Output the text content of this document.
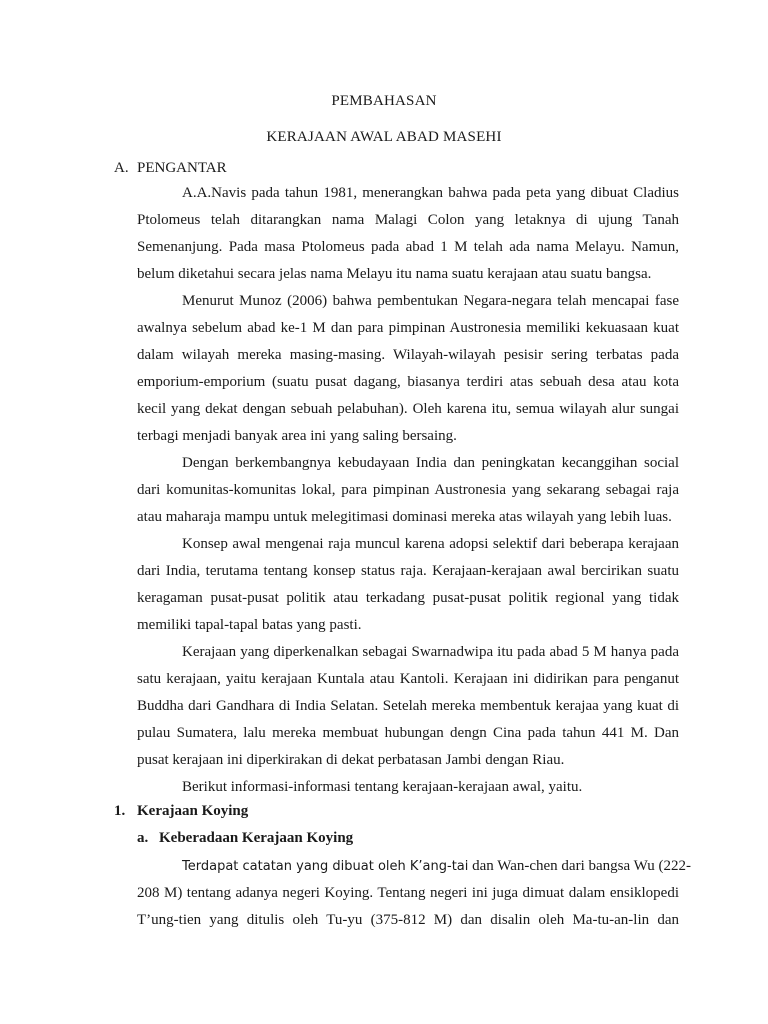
PEMBAHASAN
KERAJAAN AWAL ABAD MASEHI
A. PENGANTAR
A.A.Navis pada tahun 1981, menerangkan bahwa pada peta yang dibuat Cladius
Ptolomeus telah ditarangkan nama Malagi Colon yang letaknya di ujung Tanah
Semenanjung. Pada masa Ptolomeus pada abad 1 M telah ada nama Melayu. Namun,
belum diketahui secara jelas nama Melayu itu nama suatu kerajaan atau suatu bangsa.
Menurut Munoz (2006) bahwa pembentukan Negara-negara telah mencapai fase
awalnya sebelum abad ke-1 M dan para pimpinan Austronesia memiliki kekuasaan kuat
dalam wilayah mereka masing-masing. Wilayah-wilayah pesisir sering terbatas pada
emporium-emporium (suatu pusat dagang, biasanya terdiri atas sebuah desa atau kota
kecil yang dekat dengan sebuah pelabuhan). Oleh karena itu, semua wilayah alur sungai
terbagi menjadi banyak area ini yang saling bersaing.
Dengan berkembangnya kebudayaan India dan peningkatan kecanggihan social
dari komunitas-komunitas lokal, para pimpinan Austronesia yang sekarang sebagai raja
atau maharaja mampu untuk melegitimasi dominasi mereka atas wilayah yang lebih luas.
Konsep awal mengenai raja muncul karena adopsi selektif dari beberapa kerajaan
dari India, terutama tentang konsep status raja. Kerajaan-kerajaan awal bercirikan suatu
keragaman pusat-pusat politik atau terkadang pusat-pusat politik regional yang tidak
memiliki tapal-tapal batas yang pasti.
Kerajaan yang diperkenalkan sebagai Swarnadwipa itu pada abad 5 M hanya pada
satu kerajaan, yaitu kerajaan Kuntala atau Kantoli. Kerajaan ini didirikan para penganut
Buddha dari Gandhara di India Selatan. Setelah mereka membentuk kerajaa yang kuat di
pulau Sumatera, lalu mereka membuat hubungan dengn Cina pada tahun 441 M. Dan
pusat kerajaan ini diperkirakan di dekat perbatasan Jambi dengan Riau.
Berikut informasi-informasi tentang kerajaan-kerajaan awal, yaitu.
1. Kerajaan Koying
a. Keberadaan Kerajaan Koying
Terdapat catatan yang dibuat oleh K’ang-tai dan Wan-chen dari bangsa Wu (222-
208 M) tentang adanya negeri Koying. Tentang negeri ini juga dimuat dalam ensiklopedi
T’ung-tien yang ditulis oleh Tu-yu (375-812 M) dan disalin oleh Ma-tu-an-lin dan
